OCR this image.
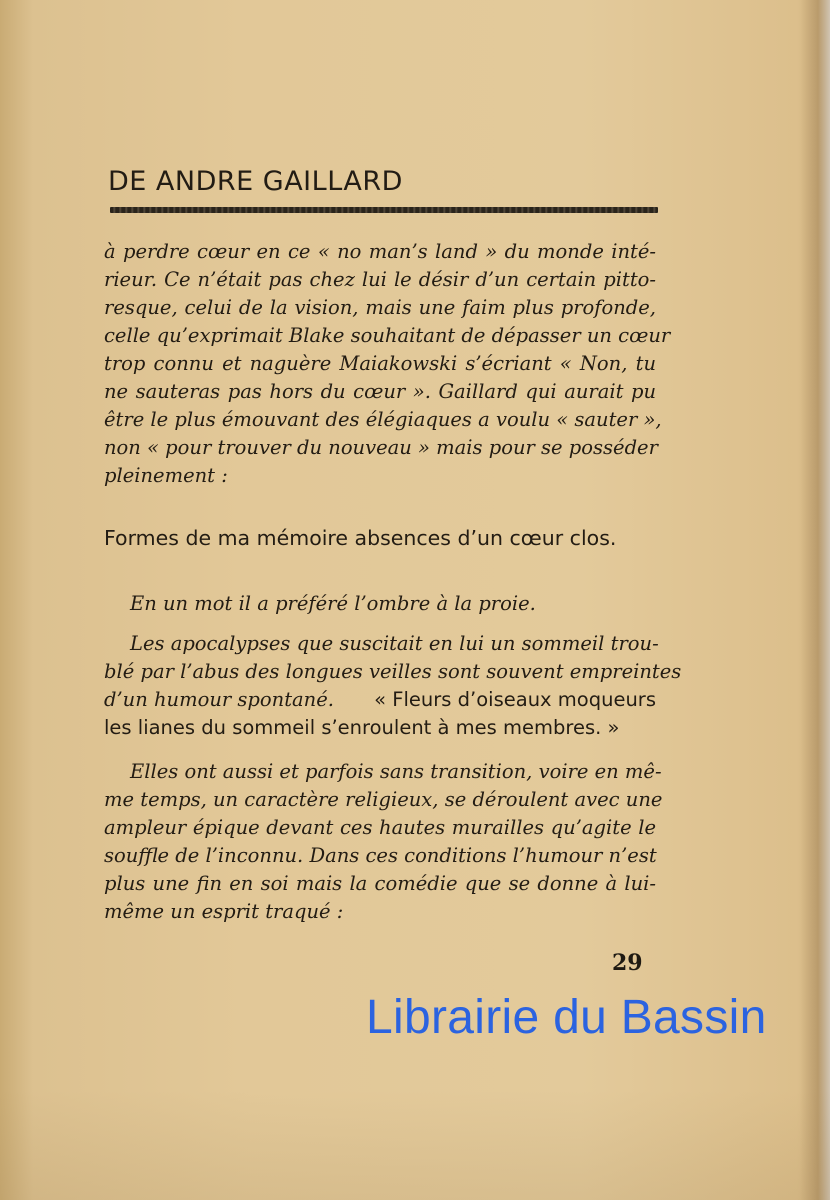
DE ANDRE GAILLARD
à perdre cœur en ce « no man’s land » du monde inté-
rieur. Ce n’était pas chez lui le désir d’un certain pitto-
resque, celui de la vision, mais une faim plus profonde,
celle qu’exprimait Blake souhaitant de dépasser un cœur
trop connu et naguère Maiakowski s’écriant « Non, tu
ne sauteras pas hors du cœur ». Gaillard qui aurait pu
être le plus émouvant des élégiaques a voulu « sauter »,
non « pour trouver du nouveau » mais pour se posséder
pleinement :
Formes de ma mémoire absences d’un cœur clos.
En un mot il a préféré l’ombre à la proie.
Les apocalypses que suscitait en lui un sommeil trou-
blé par l’abus des longues veilles sont souvent empreintes
d’un humour spontané. « Fleurs d’oiseaux moqueurs
les lianes du sommeil s’enroulent à mes membres. »
Elles ont aussi et parfois sans transition, voire en mê-
me temps, un caractère religieux, se déroulent avec une
ampleur épique devant ces hautes murailles qu’agite le
souffle de l’inconnu. Dans ces conditions l’humour n’est
plus une fin en soi mais la comédie que se donne à lui-
même un esprit traqué :
29
Librairie du Bassin
